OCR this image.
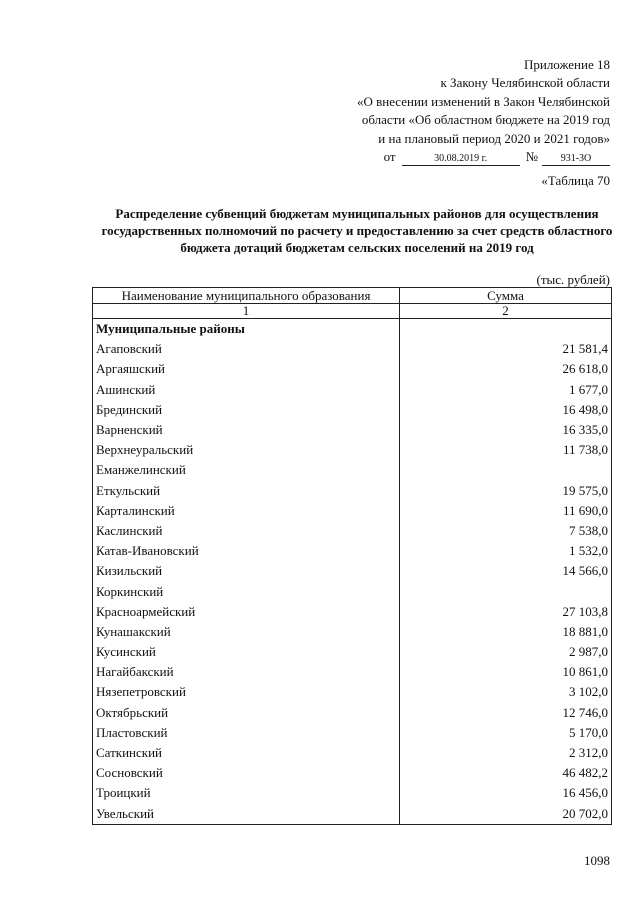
Приложение 18
к Закону Челябинской области
«О внесении изменений в Закон Челябинской
области «Об областном бюджете на 2019 год
и на плановый период 2020 и 2021 годов»
от	30.08.2019 г.	№	931-ЗО
«Таблица 70
Распределение субвенций бюджетам муниципальных районов для осуществления государственных полномочий по расчету и предоставлению за счет средств областного бюджета дотаций бюджетам сельских поселений на 2019 год
(тыс. рублей)
Наименование муниципального образования	Сумма
1	2
Муниципальные районы	
Агаповский	21 581,4
Аргаяшский	26 618,0
Ашинский	1 677,0
Брединский	16 498,0
Варненский	16 335,0
Верхнеуральский	11 738,0
Еманжелинский	
Еткульский	19 575,0
Карталинский	11 690,0
Каслинский	7 538,0
Катав-Ивановский	1 532,0
Кизильский	14 566,0
Коркинский	
Красноармейский	27 103,8
Кунашакский	18 881,0
Кусинский	2 987,0
Нагайбакский	10 861,0
Нязепетровский	3 102,0
Октябрьский	12 746,0
Пластовский	5 170,0
Саткинский	2 312,0
Сосновский	46 482,2
Троицкий	16 456,0
Увельский	20 702,0
1098
